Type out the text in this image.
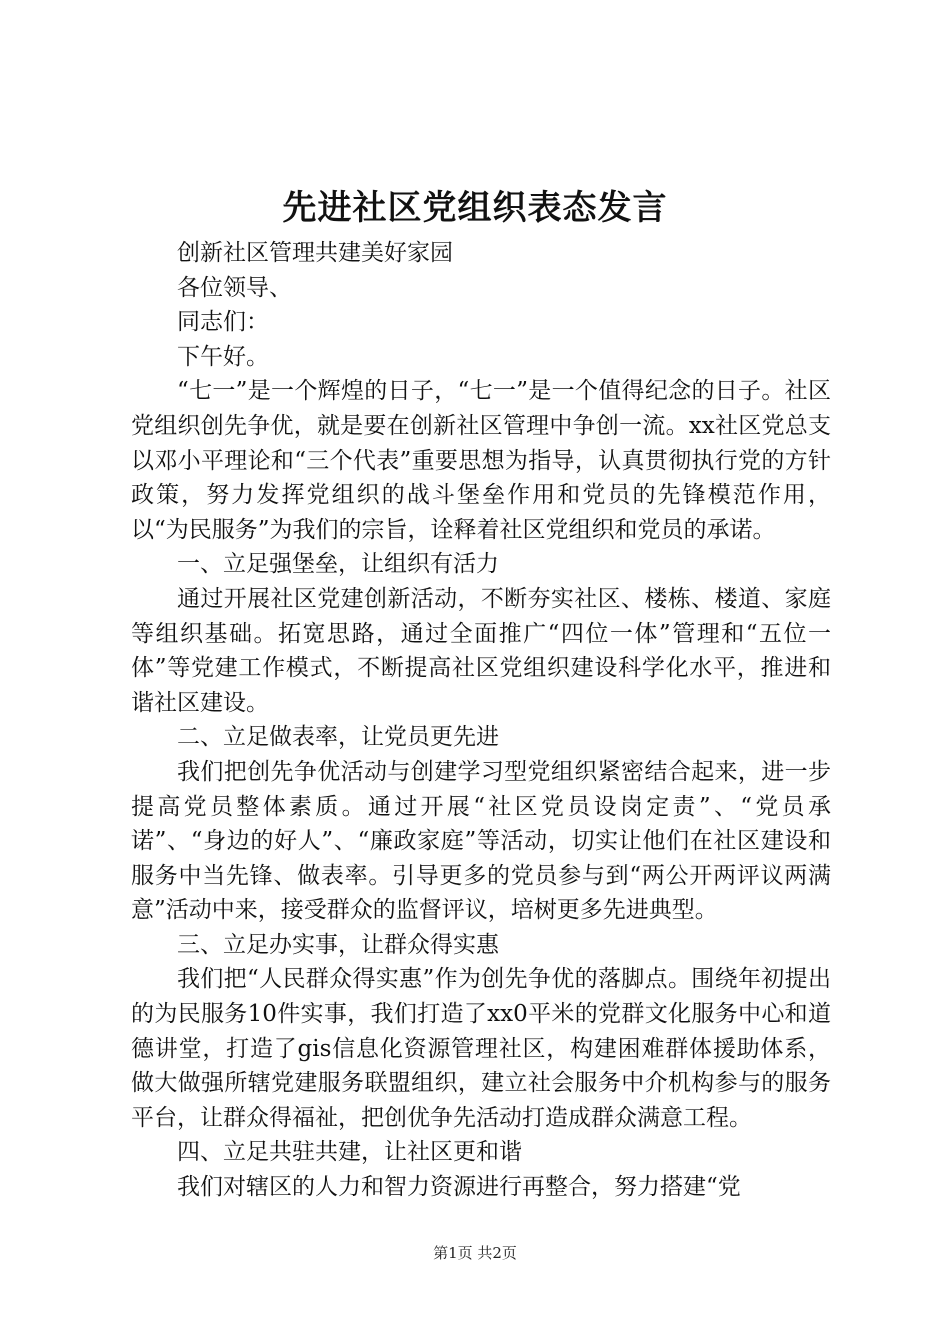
先进社区党组织表态发言

创新社区管理共建美好家园

各位领导、

同志们：

下午好。

“七一”是一个辉煌的日子，“七一”是一个值得纪念的日子。社区党组织创先争优，就是要在创新社区管理中争创一流。xx社区党总支以邓小平理论和“三个代表”重要思想为指导，认真贯彻执行党的方针政策，努力发挥党组织的战斗堡垒作用和党员的先锋模范作用，以“为民服务”为我们的宗旨，诠释着社区党组织和党员的承诺。

一、立足强堡垒，让组织有活力

通过开展社区党建创新活动，不断夯实社区、楼栋、楼道、家庭等组织基础。拓宽思路，通过全面推广“四位一体”管理和“五位一体”等党建工作模式，不断提高社区党组织建设科学化水平，推进和谐社区建设。

二、立足做表率，让党员更先进

我们把创先争优活动与创建学习型党组织紧密结合起来，进一步提高党员整体素质。通过开展“社区党员设岗定责”、“党员承诺”、“身边的好人”、“廉政家庭”等活动，切实让他们在社区建设和服务中当先锋、做表率。引导更多的党员参与到“两公开两评议两满意”活动中来，接受群众的监督评议，培树更多先进典型。

三、立足办实事，让群众得实惠

我们把“人民群众得实惠”作为创先争优的落脚点。围绕年初提出的为民服务10件实事，我们打造了xx0平米的党群文化服务中心和道德讲堂，打造了gis信息化资源管理社区，构建困难群体援助体系，做大做强所辖党建服务联盟组织，建立社会服务中介机构参与的服务平台，让群众得福祉，把创优争先活动打造成群众满意工程。

四、立足共驻共建，让社区更和谐

我们对辖区的人力和智力资源进行再整合，努力搭建“党

第1页 共2页
